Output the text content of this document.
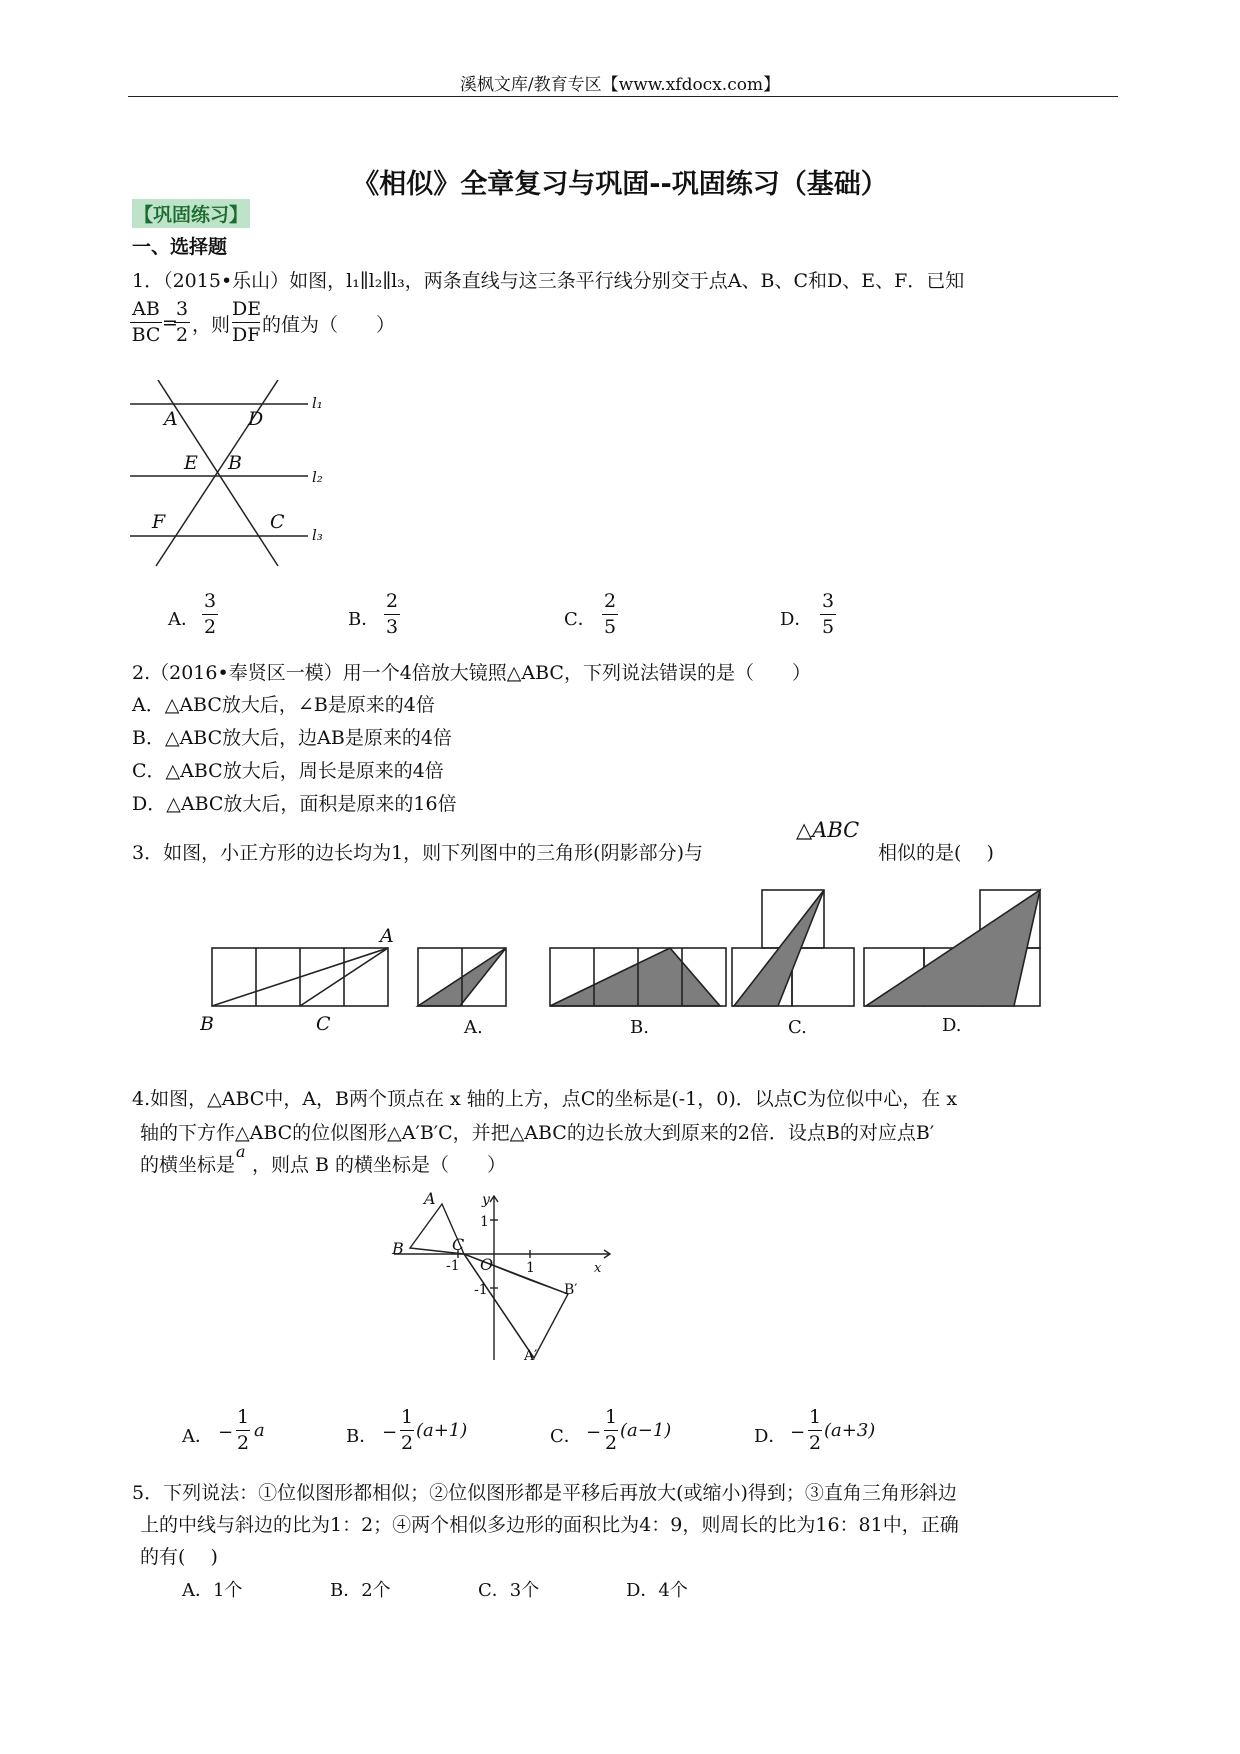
溪枫文库/教育专区【www.xfdocx.com】
《相似》全章复习与巩固--巩固练习（基础）
【巩固练习】
一、选择题
1．（2015•乐山）如图，l₁∥l₂∥l₃，两条直线与这三条平行线分别交于点A、B、C和D、E、F．已知
$\frac{AB}{BC}$ =
$\frac{3}{2}$ ，则 $\frac{DE}{DF}$ 的值为（　　）
A	D
E B
F	C
l₁
l₂
l₃
A． $\frac{3}{2}$	B． $\frac{2}{3}$	C． $\frac{2}{5}$	D． $\frac{3}{5}$
2.（2016•奉贤区一模）用一个4倍放大镜照△ABC，下列说法错误的是（　　）
A．△ABC放大后，∠B是原来的4倍
B．△ABC放大后，边AB是原来的4倍
C．△ABC放大后，周长是原来的4倍
D．△ABC放大后，面积是原来的16倍
3．如图，小正方形的边长均为1，则下列图中的三角形(阴影部分)与
△ABC
相似的是(　 )
A
B	C	A.	B.	C.	D.
4.如图，△ABC中，A，B两个顶点在 x 轴的上方，点C的坐标是(-1，0)．以点C为位似中心，在 x
轴的下方作△ABC的位似图形△A′B′C，并把△ABC的边长放大到原来的2倍．设点B的对应点B′
的横坐标是
a
，则点 B 的横坐标是（　　）
A
B	C
O
-1	1
1
-1
x
y
B′
A′
A． − $\frac{1}{2}$ a	B． − $\frac{1}{2} (a+1)$	C． − $\frac{1}{2} (a-1)$	D． − $\frac{1}{2} (a+3)$
5．下列说法：①位似图形都相似；②位似图形都是平移后再放大(或缩小)得到；③直角三角形斜边
上的中线与斜边的比为1：2；④两个相似多边形的面积比为4：9，则周长的比为16：81中，正确
的有(　 )
A．1个	B．2个	C．3个	D．4个
